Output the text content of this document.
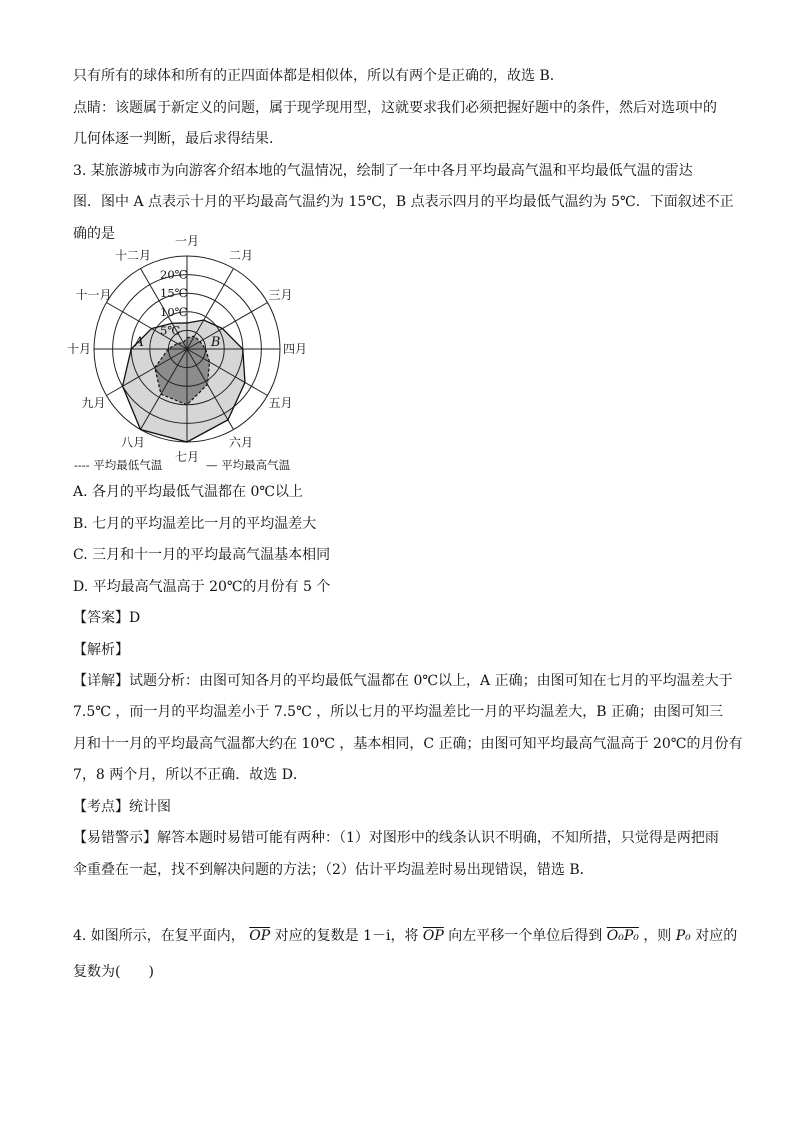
只有所有的球体和所有的正四面体都是相似体，所以有两个是正确的，故选 B.
点睛：该题属于新定义的问题，属于现学现用型，这就要求我们必须把握好题中的条件，然后对选项中的
几何体逐一判断，最后求得结果.
3. 某旅游城市为向游客介绍本地的气温情况，绘制了一年中各月平均最高气温和平均最低气温的雷达
图．图中 A 点表示十月的平均最高气温约为 15℃，B 点表示四月的平均最低气温约为 5℃．下面叙述不正
确的是
5℃
10℃
15℃
20℃
一月
二月
三月
四月
五月
六月
七月
八月
九月
十月
十一月
十二月
A	B
---- 平均最低气温	— 平均最高气温
A. 各月的平均最低气温都在 0℃以上
B. 七月的平均温差比一月的平均温差大
C. 三月和十一月的平均最高气温基本相同
D. 平均最高气温高于 20℃的月份有 5 个
【答案】D
【解析】
【详解】试题分析：由图可知各月的平均最低气温都在 0℃以上，A 正确；由图可知在七月的平均温差大于
7.5℃ ，而一月的平均温差小于 7.5℃ ，所以七月的平均温差比一月的平均温差大，B 正确；由图可知三
月和十一月的平均最高气温都大约在 10℃ ，基本相同，C 正确；由图可知平均最高气温高于 20℃的月份有
7，8 两个月，所以不正确．故选 D．
【考点】统计图
【易错警示】解答本题时易错可能有两种：（1）对图形中的线条认识不明确，不知所措，只觉得是两把雨
伞重叠在一起，找不到解决问题的方法；（2）估计平均温差时易出现错误，错选 B．
4. 如图所示，在复平面内， $\overline{OP}$ 对应的复数是 1－i，将 $\overline{OP}$ 向左平移一个单位后得到 O₀P₀ ，则 P₀ 对应的
复数为(　　)
